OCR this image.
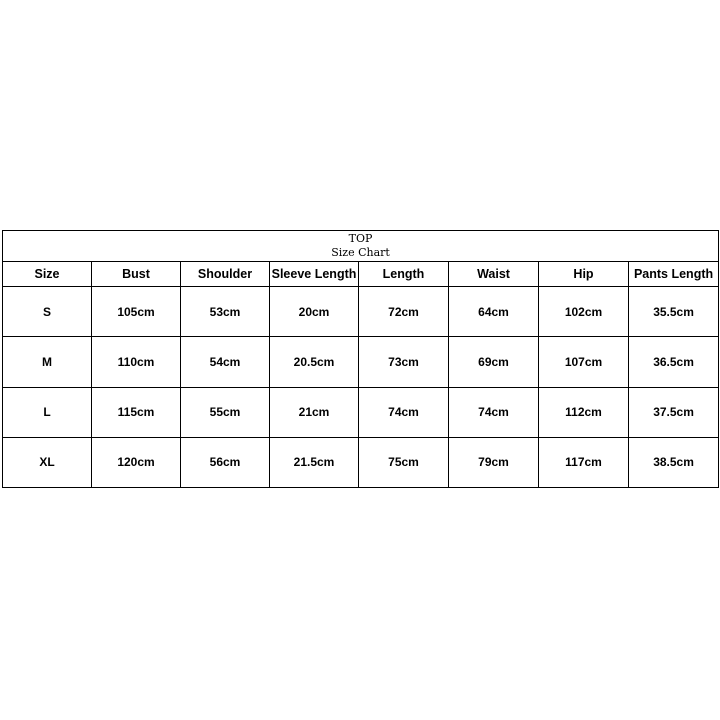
TOP
Size Chart							

Size	Bust	Shoulder	Sleeve Length	Length	Waist	Hip	Pants Length
S	105cm	53cm	20cm	72cm	64cm	102cm	35.5cm
M	110cm	54cm	20.5cm	73cm	69cm	107cm	36.5cm
L	115cm	55cm	21cm	74cm	74cm	112cm	37.5cm
XL	120cm	56cm	21.5cm	75cm	79cm	117cm	38.5cm
